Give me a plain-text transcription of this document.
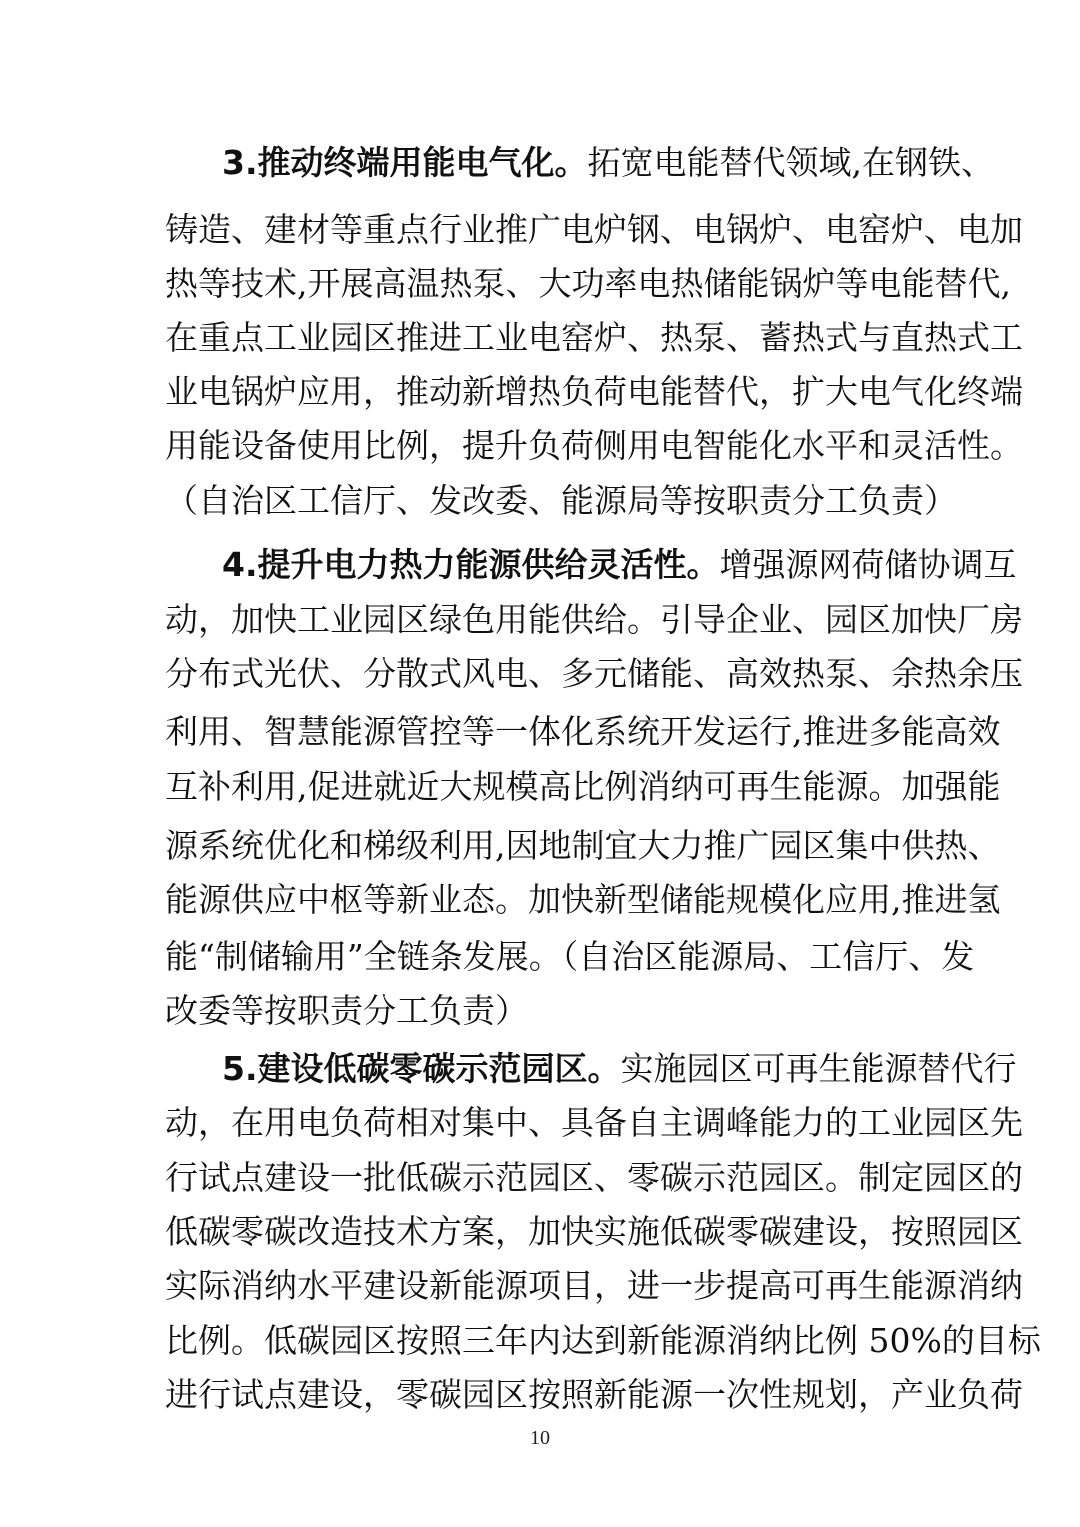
3.推动终端用能电气化。拓宽电能替代领域,在钢铁、
铸造、建材等重点行业推广电炉钢、电锅炉、电窑炉、电加
热等技术,开展高温热泵、大功率电热储能锅炉等电能替代,
在重点工业园区推进工业电窑炉、热泵、蓄热式与直热式工
业电锅炉应用，推动新增热负荷电能替代，扩大电气化终端
用能设备使用比例，提升负荷侧用电智能化水平和灵活性。
（自治区工信厅、发改委、能源局等按职责分工负责）
4.提升电力热力能源供给灵活性。增强源网荷储协调互
动，加快工业园区绿色用能供给。引导企业、园区加快厂房
分布式光伏、分散式风电、多元储能、高效热泵、余热余压
利用、智慧能源管控等一体化系统开发运行,推进多能高效
互补利用,促进就近大规模高比例消纳可再生能源。加强能
源系统优化和梯级利用,因地制宜大力推广园区集中供热、
能源供应中枢等新业态。加快新型储能规模化应用,推进氢
能“制储输用”全链条发展。（自治区能源局、工信厅、发
改委等按职责分工负责）
5.建设低碳零碳示范园区。实施园区可再生能源替代行
动，在用电负荷相对集中、具备自主调峰能力的工业园区先
行试点建设一批低碳示范园区、零碳示范园区。制定园区的
低碳零碳改造技术方案，加快实施低碳零碳建设，按照园区
实际消纳水平建设新能源项目，进一步提高可再生能源消纳
比例。低碳园区按照三年内达到新能源消纳比例 50%的目标
进行试点建设，零碳园区按照新能源一次性规划，产业负荷
10
